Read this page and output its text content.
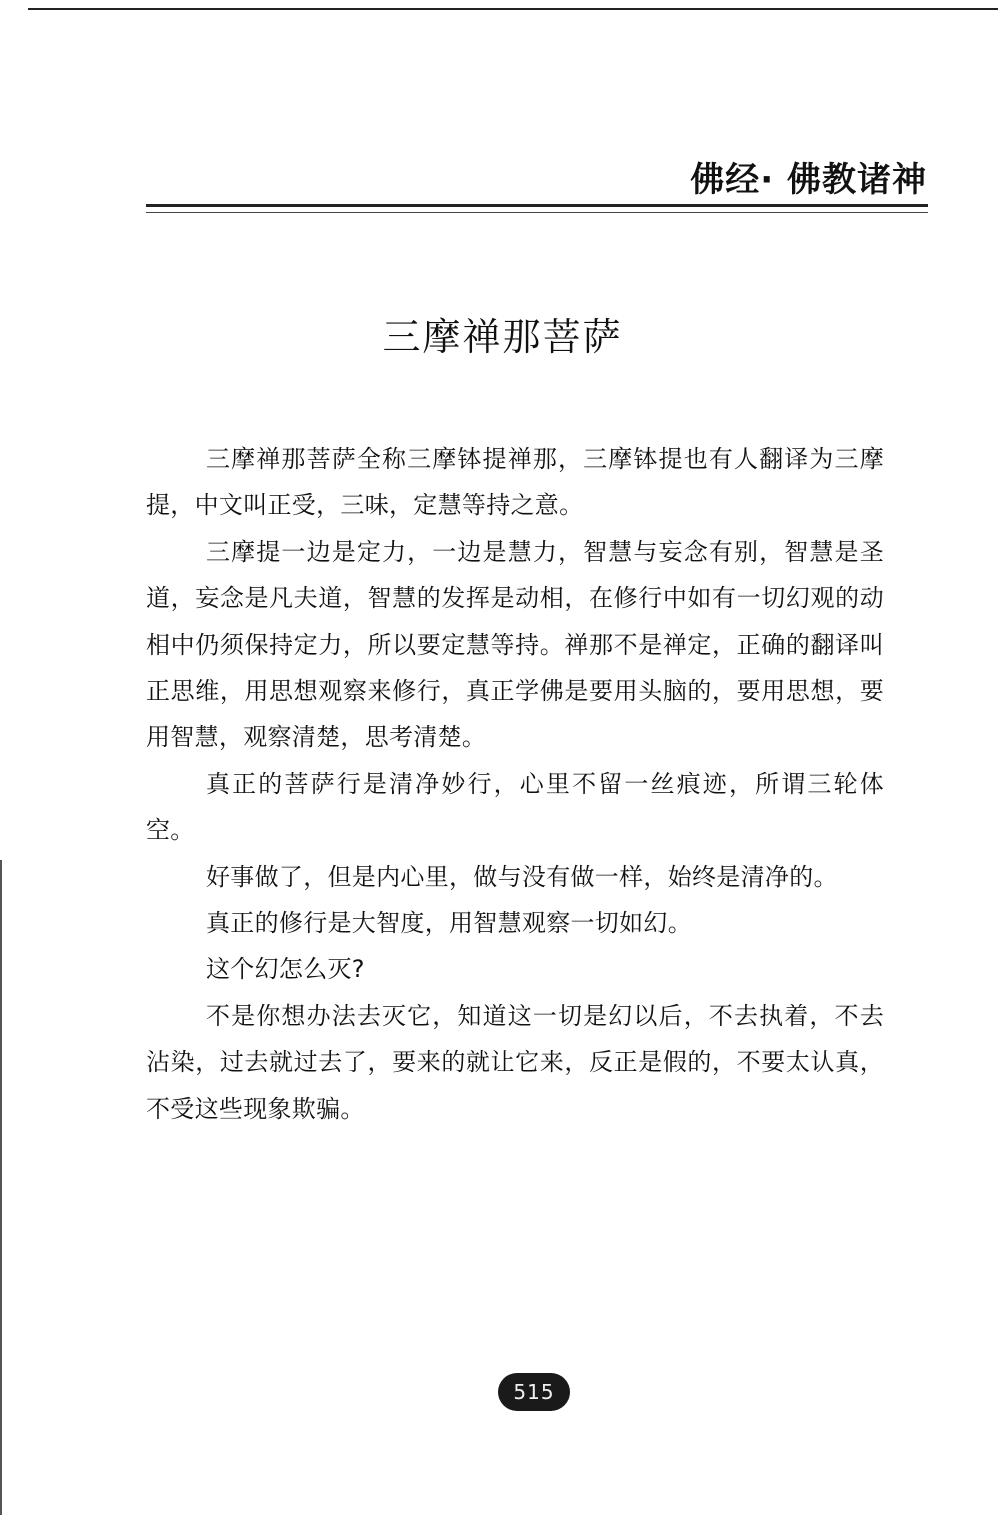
佛经· 佛教诸神
三摩禅那菩萨

三摩禅那菩萨全称三摩钵提禅那，三摩钵提也有人翻译为三摩提，中文叫正受，三味，定慧等持之意。

三摩提一边是定力，一边是慧力，智慧与妄念有别，智慧是圣道，妄念是凡夫道，智慧的发挥是动相，在修行中如有一切幻观的动相中仍须保持定力，所以要定慧等持。禅那不是禅定，正确的翻译叫正思维，用思想观察来修行，真正学佛是要用头脑的，要用思想，要用智慧，观察清楚，思考清楚。

真正的菩萨行是清净妙行，心里不留一丝痕迹，所谓三轮体空。

好事做了，但是内心里，做与没有做一样，始终是清净的。

真正的修行是大智度，用智慧观察一切如幻。

这个幻怎么灭?

不是你想办法去灭它，知道这一切是幻以后，不去执着，不去沾染，过去就过去了，要来的就让它来，反正是假的，不要太认真，不受这些现象欺骗。

515
